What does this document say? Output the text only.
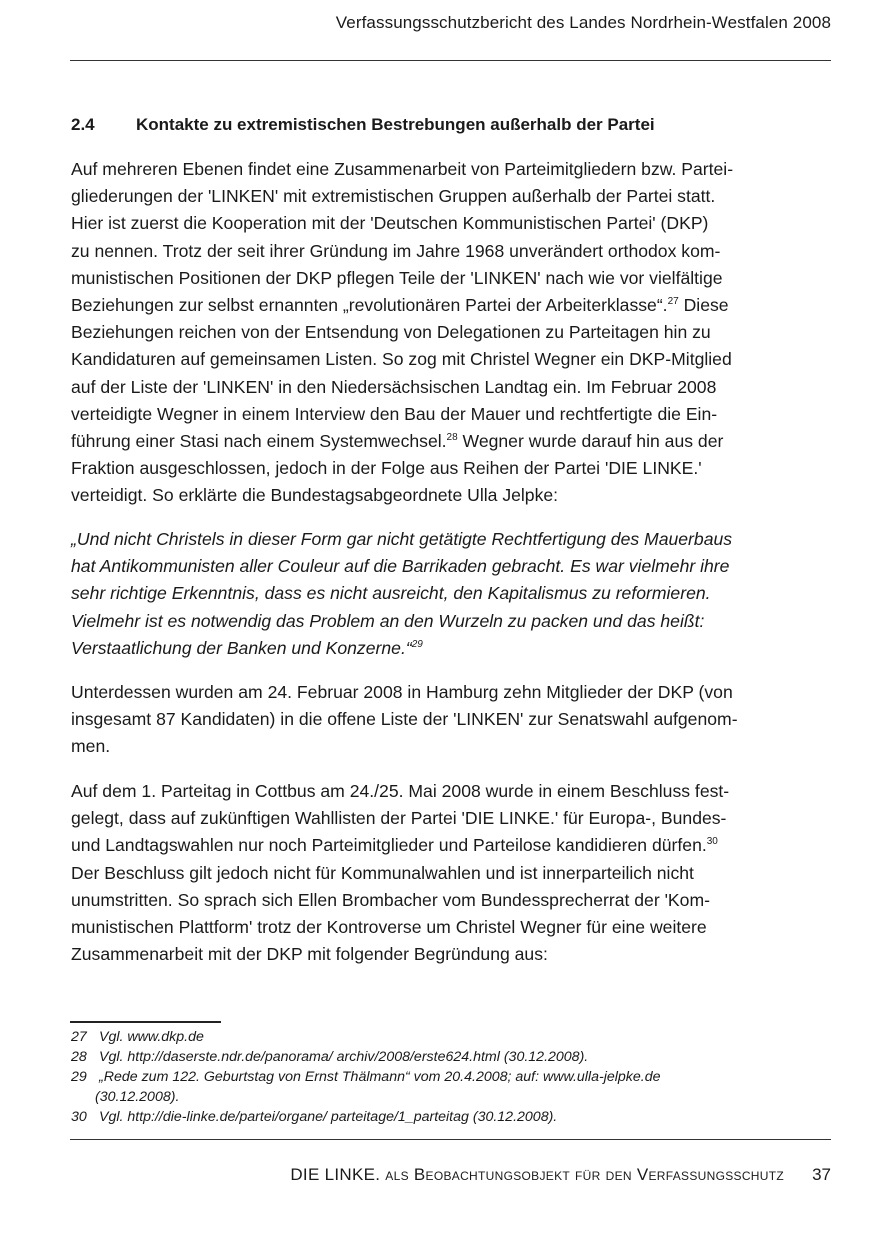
Verfassungsschutzbericht des Landes Nordrhein-Westfalen 2008
2.4 Kontakte zu extremistischen Bestrebungen außerhalb der Partei
Auf mehreren Ebenen findet eine Zusammenarbeit von Parteimitgliedern bzw. Partei-
gliederungen der 'LINKEN' mit extremistischen Gruppen außerhalb der Partei statt.
Hier ist zuerst die Kooperation mit der 'Deutschen Kommunistischen Partei' (DKP)
zu nennen. Trotz der seit ihrer Gründung im Jahre 1968 unverändert orthodox kom-
munistischen Positionen der DKP pflegen Teile der 'LINKEN' nach wie vor vielfältige
Beziehungen zur selbst ernannten „revolutionären Partei der Arbeiterklasse“.$^{27}$ Diese
Beziehungen reichen von der Entsendung von Delegationen zu Parteitagen hin zu
Kandidaturen auf gemeinsamen Listen. So zog mit Christel Wegner ein DKP-Mitglied
auf der Liste der 'LINKEN' in den Niedersächsischen Landtag ein. Im Februar 2008
verteidigte Wegner in einem Interview den Bau der Mauer und rechtfertigte die Ein-
führung einer Stasi nach einem Systemwechsel.$^{28}$ Wegner wurde darauf hin aus der
Fraktion ausgeschlossen, jedoch in der Folge aus Reihen der Partei 'DIE LINKE.'
verteidigt. So erklärte die Bundestagsabgeordnete Ulla Jelpke:
„Und nicht Christels in dieser Form gar nicht getätigte Rechtfertigung des Mauerbaus
hat Antikommunisten aller Couleur auf die Barrikaden gebracht. Es war vielmehr ihre
sehr richtige Erkenntnis, dass es nicht ausreicht, den Kapitalismus zu reformieren.
Vielmehr ist es notwendig das Problem an den Wurzeln zu packen und das heißt:
Verstaatlichung der Banken und Konzerne.“$^{29}$
Unterdessen wurden am 24. Februar 2008 in Hamburg zehn Mitglieder der DKP (von
insgesamt 87 Kandidaten) in die offene Liste der 'LINKEN' zur Senatswahl aufgenom-
men.
Auf dem 1. Parteitag in Cottbus am 24./25. Mai 2008 wurde in einem Beschluss fest-
gelegt, dass auf zukünftigen Wahllisten der Partei 'DIE LINKE.' für Europa-, Bundes-
und Landtagswahlen nur noch Parteimitglieder und Parteilose kandidieren dürfen.$^{30}$
Der Beschluss gilt jedoch nicht für Kommunalwahlen und ist innerparteilich nicht
unumstritten. So sprach sich Ellen Brombacher vom Bundessprecherrat der 'Kom-
munistischen Plattform' trotz der Kontroverse um Christel Wegner für eine weitere
Zusammenarbeit mit der DKP mit folgender Begründung aus:
27 Vgl. www.dkp.de
28 Vgl. http://daserste.ndr.de/panorama/ archiv/2008/erste624.html (30.12.2008).
29 „Rede zum 122. Geburtstag von Ernst Thälmann“ vom 20.4.2008; auf: www.ulla-jelpke.de
(30.12.2008).
30 Vgl. http://die-linke.de/partei/organe/ parteitage/1_parteitag (30.12.2008).
DIE LINKE. als Beobachtungsobjekt für den Verfassungsschutz 37
